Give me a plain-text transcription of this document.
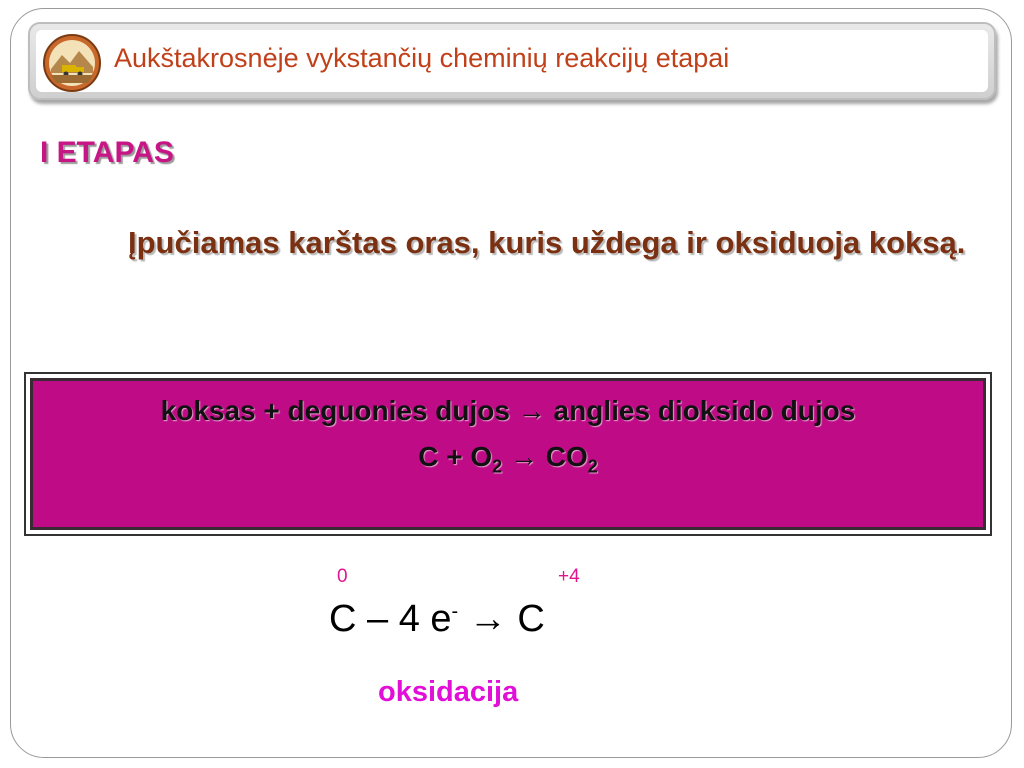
Aukštakrosnėje vykstančių cheminių reakcijų etapai
I ETAPAS
Įpučiamas karštas oras, kuris uždega ir oksiduoja koksą.
koksas + deguonies dujos → anglies dioksido dujos
$C + O_2 \to CO_2$
0	+4
C – 4 e- → C
oksidacija
